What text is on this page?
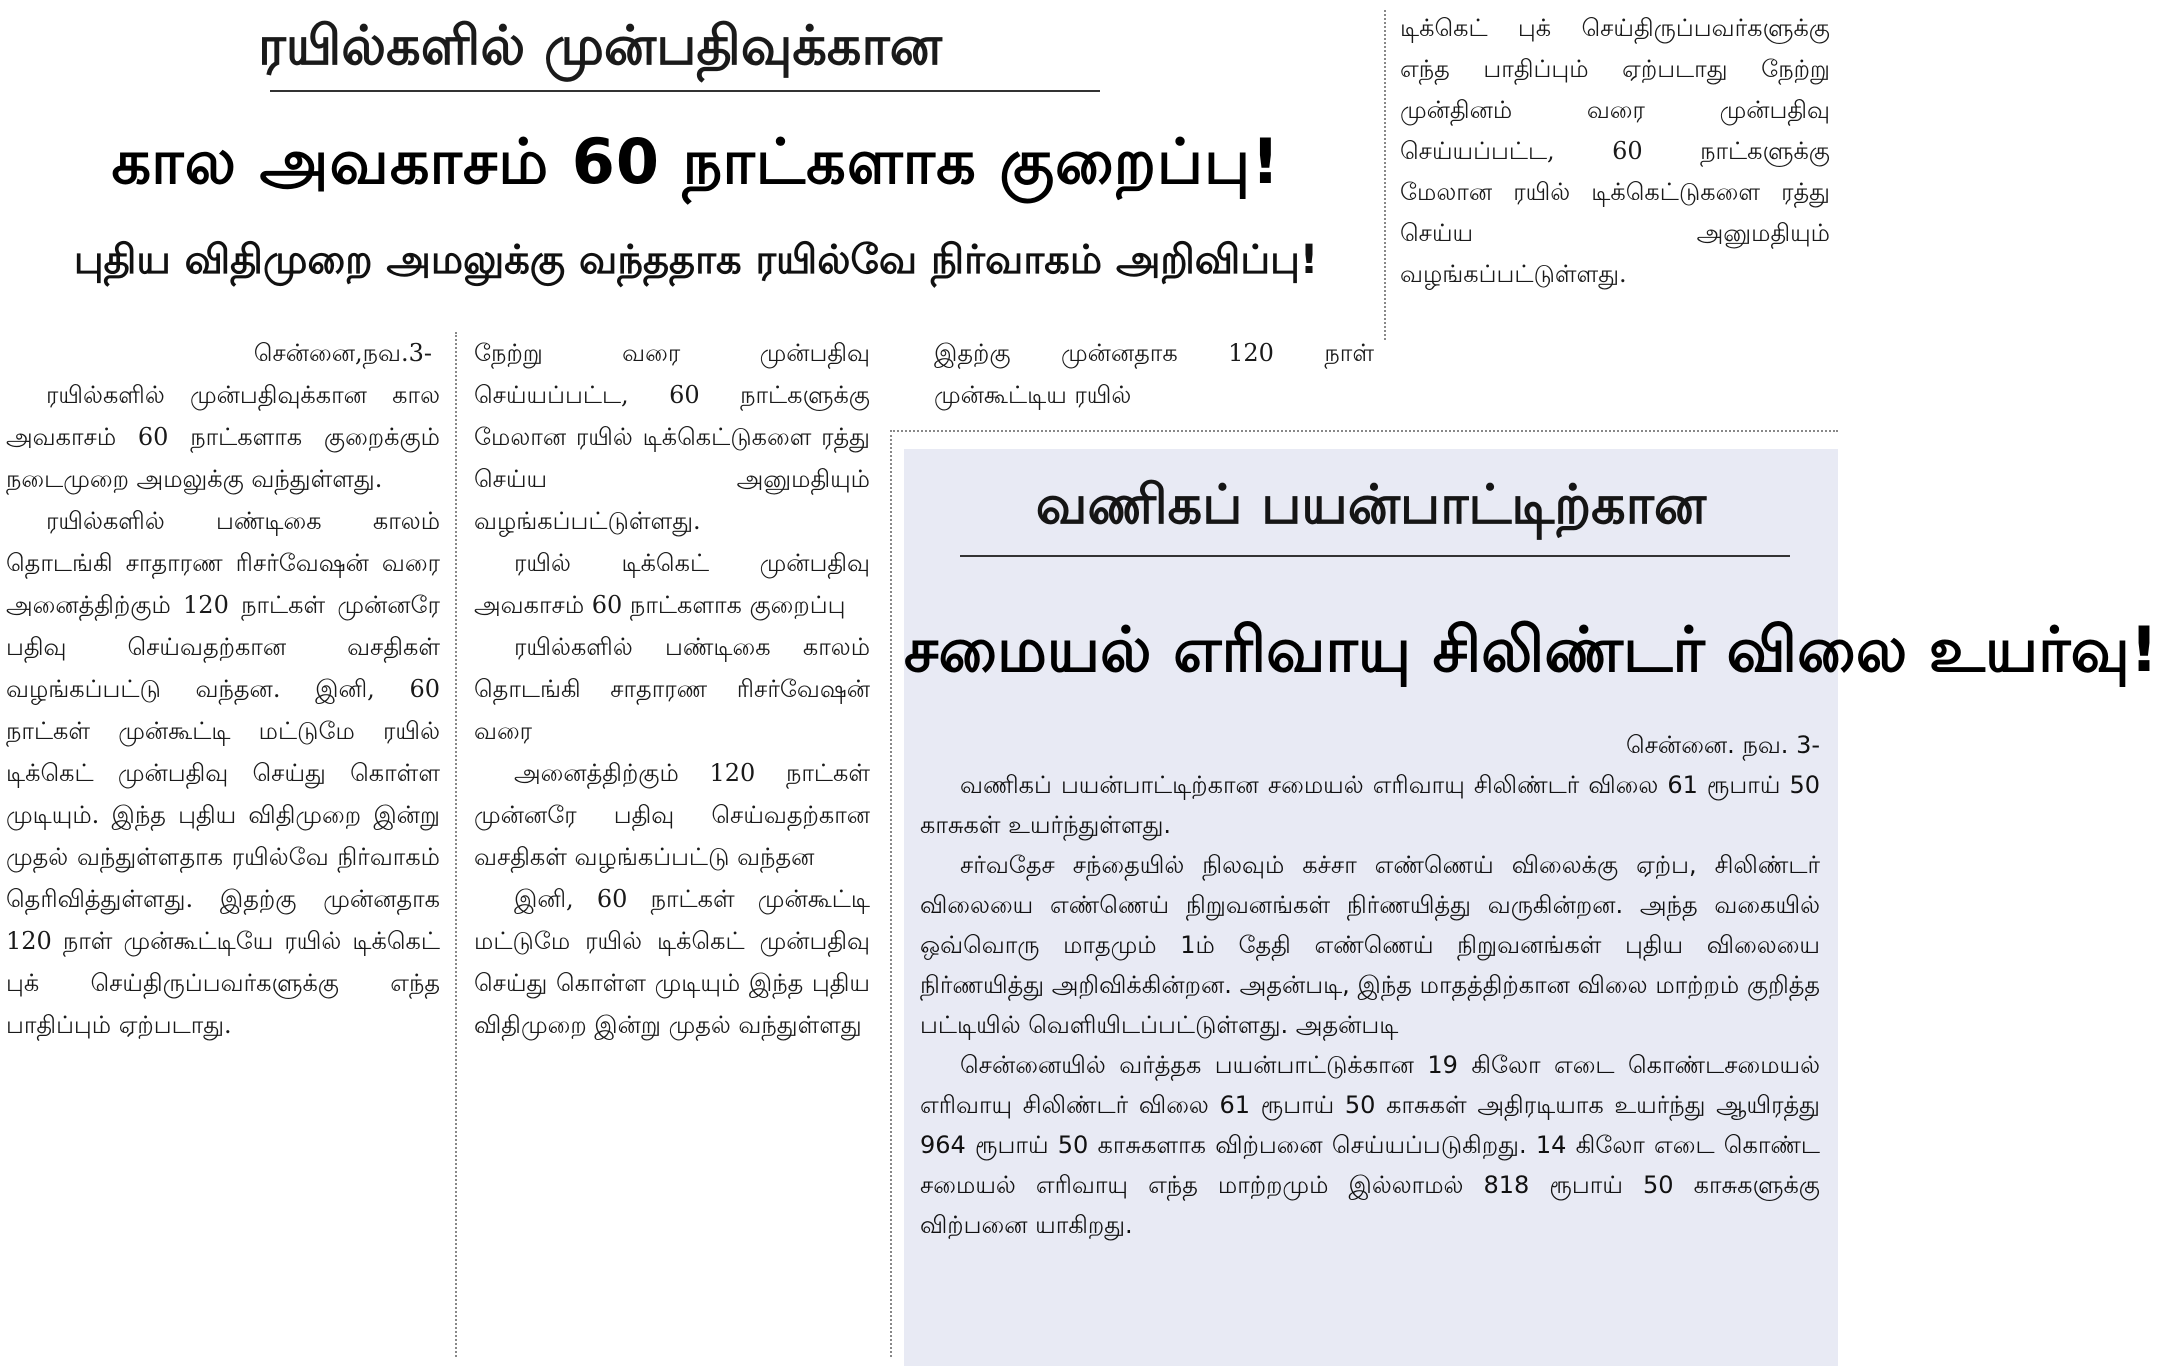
ரயில்களில் முன்பதிவுக்கான
கால அவகாசம் 60 நாட்களாக குறைப்பு!
புதிய விதிமுறை அமலுக்கு வந்ததாக ரயில்வே நிர்வாகம் அறிவிப்பு!

டிக்கெட் புக் செய்திருப்பவர்களுக்கு எந்த பாதிப்பும் ஏற்படாது நேற்று முன்தினம் வரை முன்பதிவு செய்யப்பட்ட, 60 நாட்களுக்கு மேலான ரயில் டிக்கெட்டுகளை ரத்து செய்ய அனுமதியும் வழங்கப்பட்டுள்ளது.

சென்னை,நவ.3-

ரயில்களில் முன்பதிவுக்கான கால அவகாசம் 60 நாட்களாக குறைக்கும் நடைமுறை அமலுக்கு வந்துள்ளது.

ரயில்களில் பண்டிகை காலம் தொடங்கி சாதாரண ரிசர்வேஷன் வரை அனைத்திற்கும் 120 நாட்கள் முன்னரே பதிவு செய்வதற்கான வசதிகள் வழங்கப்பட்டு வந்தன. இனி, 60 நாட்கள் முன்கூட்டி மட்டுமே ரயில் டிக்கெட் முன்பதிவு செய்து கொள்ள முடியும். இந்த புதிய விதிமுறை இன்று முதல் வந்துள்ளதாக ரயில்வே நிர்வாகம் தெரிவித்துள்ளது. இதற்கு முன்னதாக 120 நாள் முன்கூட்டியே ரயில் டிக்கெட் புக் செய்திருப்பவர்களுக்கு எந்த பாதிப்பும் ஏற்படாது.

நேற்று வரை முன்பதிவு செய்யப்பட்ட, 60 நாட்களுக்கு மேலான ரயில் டிக்கெட்டுகளை ரத்து செய்ய அனுமதியும் வழங்கப்பட்டுள்ளது.

ரயில் டிக்கெட் முன்பதிவு அவகாசம் 60 நாட்களாக குறைப்பு

ரயில்களில் பண்டிகை காலம் தொடங்கி சாதாரண ரிசர்வேஷன் வரை

அனைத்திற்கும் 120 நாட்கள் முன்னரே பதிவு செய்வதற்கான வசதிகள் வழங்கப்பட்டு வந்தன

இனி, 60 நாட்கள் முன்கூட்டி மட்டுமே ரயில் டிக்கெட் முன்பதிவு செய்து கொள்ள முடியும் இந்த புதிய விதிமுறை இன்று முதல் வந்துள்ளது

இதற்கு முன்னதாக 120 நாள் முன்கூட்டிய ரயில்

வணிகப் பயன்பாட்டிற்கான
சமையல் எரிவாயு சிலிண்டர் விலை உயர்வு!

சென்னை. நவ. 3-

வணிகப் பயன்பாட்டிற்கான சமையல் எரிவாயு சிலிண்டர் விலை 61 ரூபாய் 50 காசுகள் உயர்ந்துள்ளது.

சர்வதேச சந்தையில் நிலவும் கச்சா எண்ணெய் விலைக்கு ஏற்ப, சிலிண்டர் விலையை எண்ணெய் நிறுவனங்கள் நிர்ணயித்து வருகின்றன. அந்த வகையில் ஒவ்வொரு மாதமும் 1ம் தேதி எண்ணெய் நிறுவனங்கள் புதிய விலையை நிர்ணயித்து அறிவிக்கின்றன. அதன்படி, இந்த மாதத்திற்கான விலை மாற்றம் குறித்த பட்டியில் வெளியிடப்பட்டுள்ளது. அதன்படி

சென்னையில் வர்த்தக பயன்பாட்டுக்கான 19 கிலோ எடை கொண்டசமையல் எரிவாயு சிலிண்டர் விலை 61 ரூபாய் 50 காசுகள் அதிரடியாக உயர்ந்து ஆயிரத்து 964 ரூபாய் 50 காசுகளாக விற்பனை செய்யப்படுகிறது. 14 கிலோ எடை கொண்ட சமையல் எரிவாயு எந்த மாற்றமும் இல்லாமல் 818 ரூபாய் 50 காசுகளுக்கு விற்பனை யாகிறது.
